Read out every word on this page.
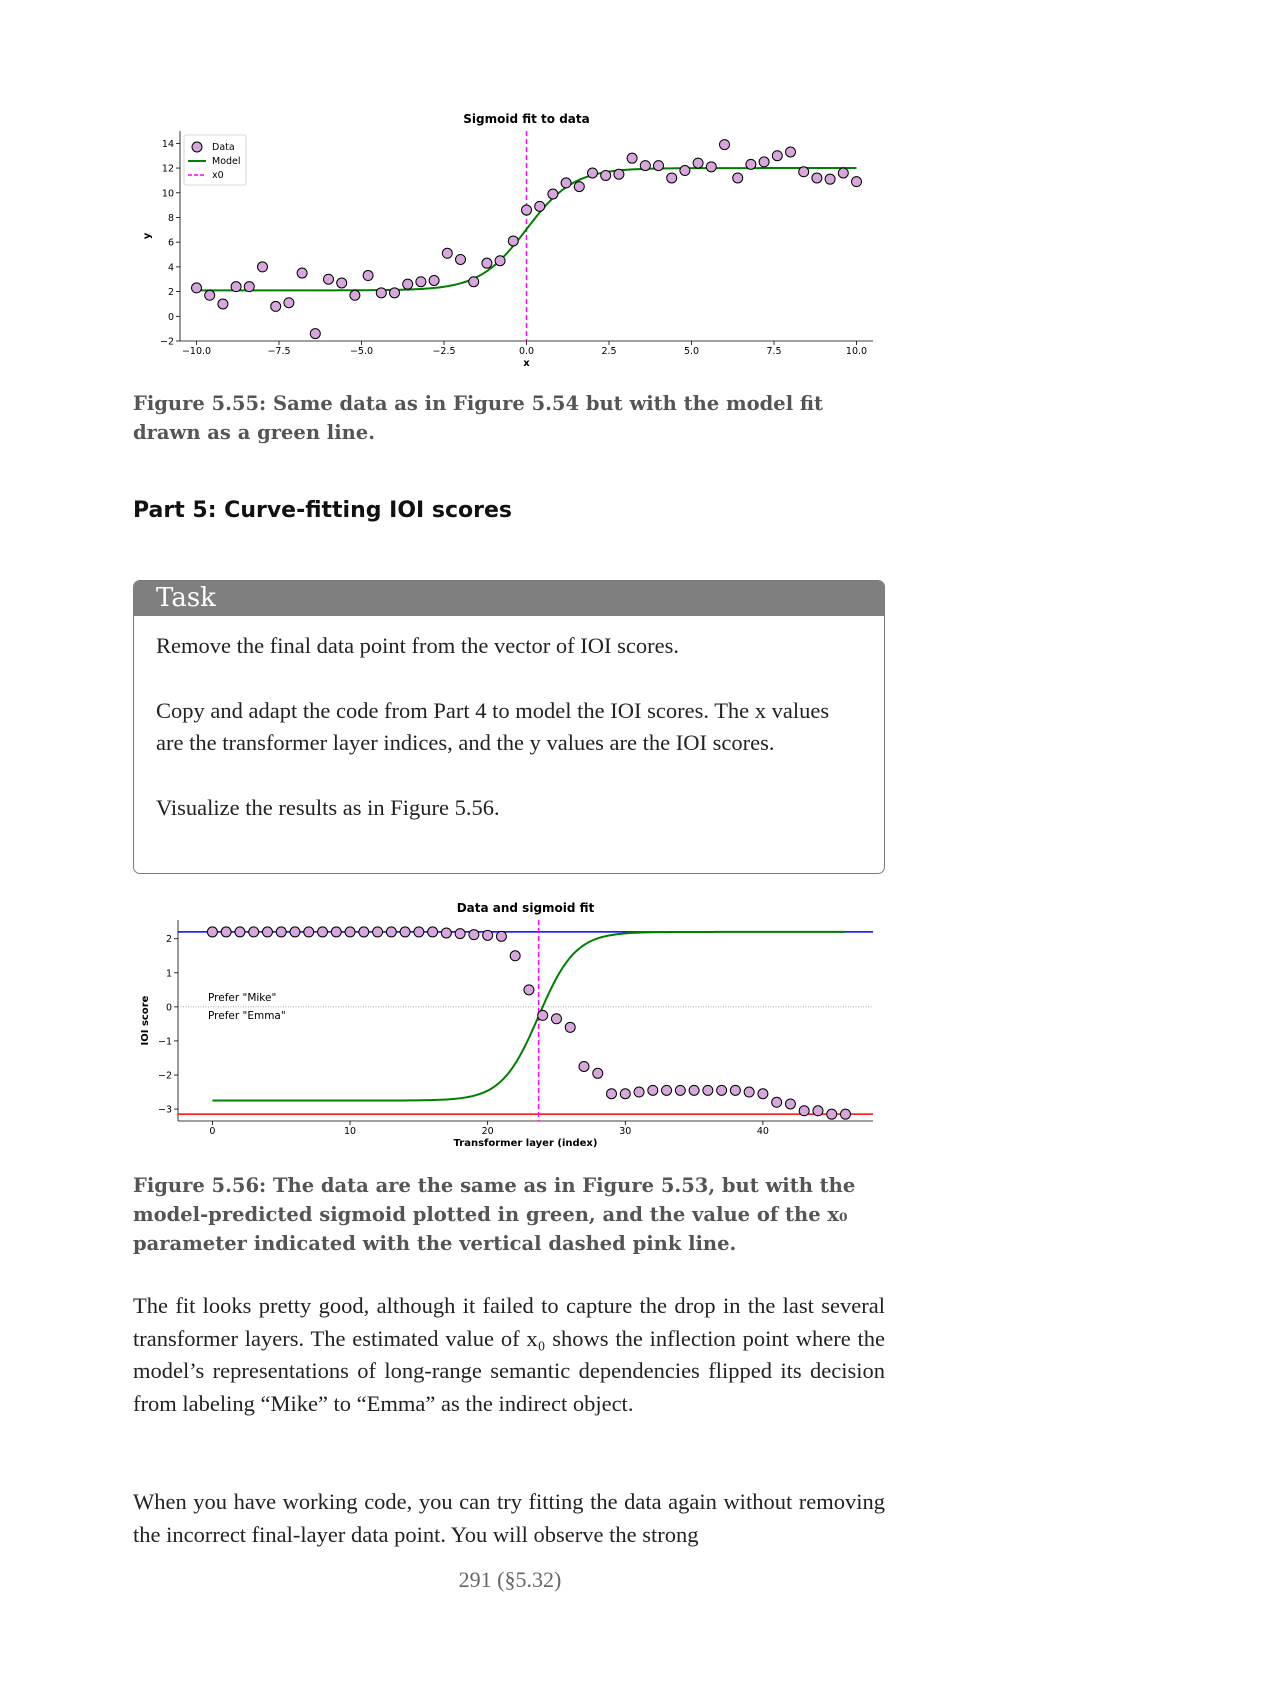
Sigmoid fit to data
−10.0	−7.5	−5.0	−2.5	0.0	2.5	5.0	7.5	10.0
−2
0
2
4
6
8
10
12
14
x
y
Data
Model
x0

Figure 5.55: Same data as in Figure 5.54 but with the model fit drawn as a green line.

Part 5: Curve-fitting IOI scores
Task

Remove the final data point from the vector of IOI scores.

Copy and adapt the code from Part 4 to model the IOI scores. The x values are the transformer layer indices, and the y values are the IOI scores.

Visualize the results as in Figure 5.56.

Data and sigmoid fit
0	10	20	30	40
−3
−2
−1
0
1
2
Transformer layer (index)
IOI score	Prefer "Mike"
Prefer "Emma"

Figure 5.56: The data are the same as in Figure 5.53, but with the model-predicted sigmoid plotted in green, and the value of the x₀ parameter indicated with the vertical dashed pink line.

The fit looks pretty good, although it failed to capture the drop in the last several transformer layers. The estimated value of x₀ shows the inflection point where the model’s representations of long-range semantic dependencies flipped its decision from labeling “Mike” to “Emma” as the indirect object.

When you have working code, you can try fitting the data again without removing the incorrect final-layer data point. You will observe the strong

291 (§5.32)
